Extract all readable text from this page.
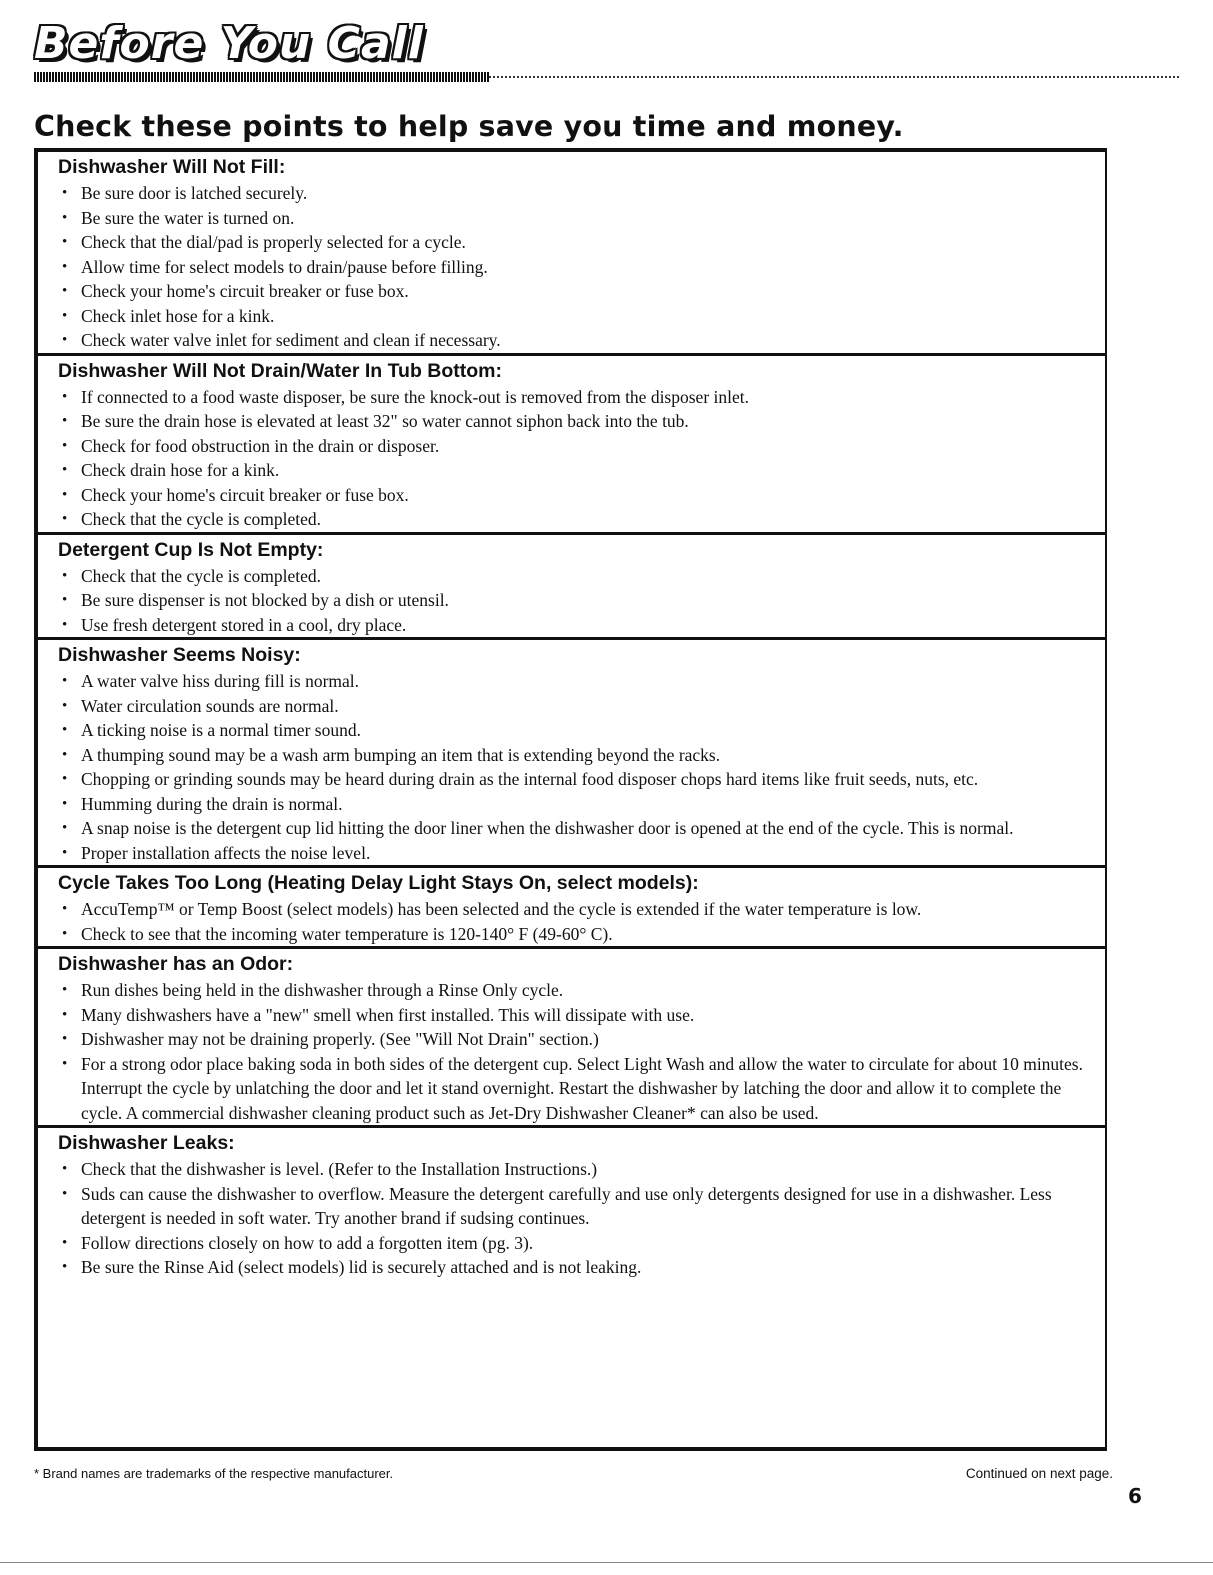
Before You Call
Check these points to help save you time and money.
Dishwasher Will Not Fill:
• Be sure door is latched securely.
• Be sure the water is turned on.
• Check that the dial/pad is properly selected for a cycle.
• Allow time for select models to drain/pause before filling.
• Check your home's circuit breaker or fuse box.
• Check inlet hose for a kink.
• Check water valve inlet for sediment and clean if necessary.
Dishwasher Will Not Drain/Water In Tub Bottom:
• If connected to a food waste disposer, be sure the knock-out is removed from the disposer inlet.
• Be sure the drain hose is elevated at least 32" so water cannot siphon back into the tub.
• Check for food obstruction in the drain or disposer.
• Check drain hose for a kink.
• Check your home's circuit breaker or fuse box.
• Check that the cycle is completed.
Detergent Cup Is Not Empty:
• Check that the cycle is completed.
• Be sure dispenser is not blocked by a dish or utensil.
• Use fresh detergent stored in a cool, dry place.
Dishwasher Seems Noisy:
• A water valve hiss during fill is normal.
• Water circulation sounds are normal.
• A ticking noise is a normal timer sound.
• A thumping sound may be a wash arm bumping an item that is extending beyond the racks.
• Chopping or grinding sounds may be heard during drain as the internal food disposer chops hard items like fruit seeds, nuts, etc.
• Humming during the drain is normal.
• A snap noise is the detergent cup lid hitting the door liner when the dishwasher door is opened at the end of the cycle. This is normal.
• Proper installation affects the noise level.
Cycle Takes Too Long (Heating Delay Light Stays On, select models):
• AccuTemp™ or Temp Boost (select models) has been selected and the cycle is extended if the water temperature is low.
• Check to see that the incoming water temperature is 120-140° F (49-60° C).
Dishwasher has an Odor:
• Run dishes being held in the dishwasher through a Rinse Only cycle.
• Many dishwashers have a "new" smell when first installed. This will dissipate with use.
• Dishwasher may not be draining properly. (See "Will Not Drain" section.)
• For a strong odor place baking soda in both sides of the detergent cup. Select Light Wash and allow the water to circulate for about 10 minutes. Interrupt the cycle by unlatching the door and let it stand overnight. Restart the dishwasher by latching the door and allow it to complete the cycle. A commercial dishwasher cleaning product such as Jet-Dry Dishwasher Cleaner* can also be used.
Dishwasher Leaks:
• Check that the dishwasher is level. (Refer to the Installation Instructions.)
• Suds can cause the dishwasher to overflow. Measure the detergent carefully and use only detergents designed for use in a dishwasher. Less detergent is needed in soft water. Try another brand if sudsing continues.
• Follow directions closely on how to add a forgotten item (pg. 3).
• Be sure the Rinse Aid (select models) lid is securely attached and is not leaking.

* Brand names are trademarks of the respective manufacturer.	Continued on next page.

6
